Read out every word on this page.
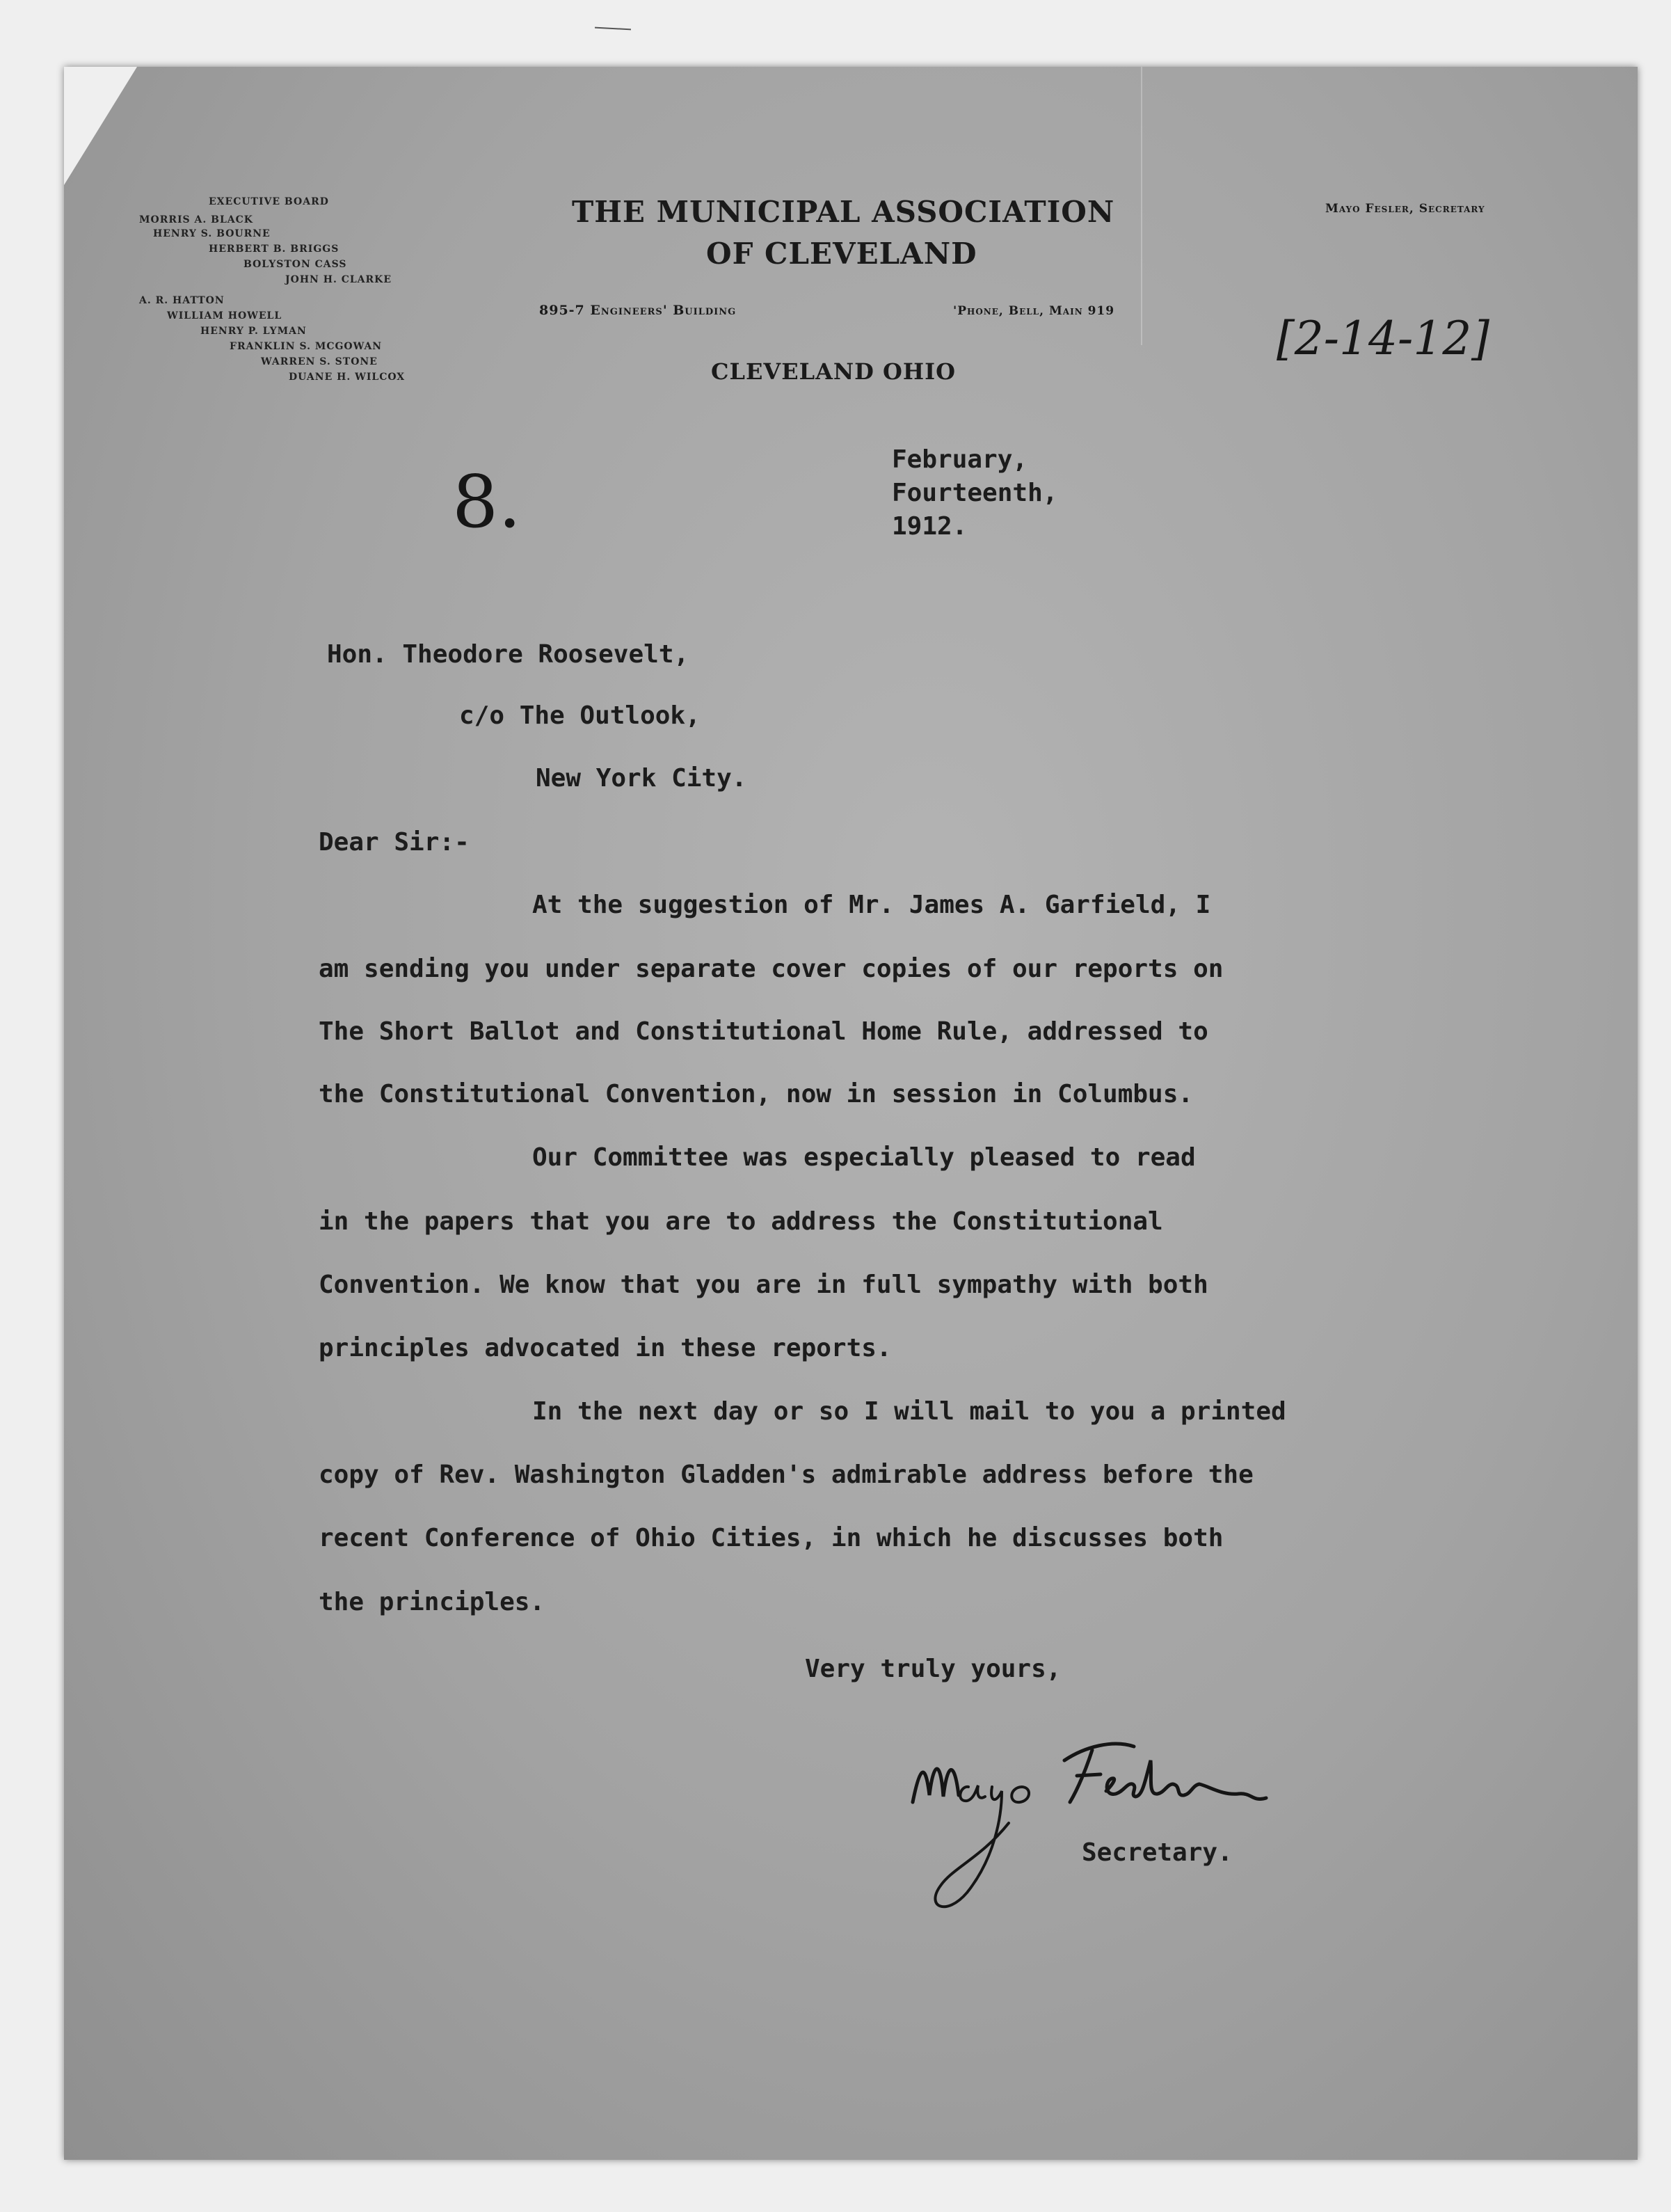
EXECUTIVE BOARD
MORRIS A. BLACK
HENRY S. BOURNE
HERBERT B. BRIGGS
BOLYSTON CASS
JOHN H. CLARKE
A. R. HATTON
WILLIAM HOWELL
HENRY P. LYMAN
FRANKLIN S. MCGOWAN
WARREN S. STONE
DUANE H. WILCOX
THE MUNICIPAL ASSOCIATION
OF CLEVELAND
895-7 Engineers' Building	'Phone, Bell, Main 919
CLEVELAND OHIO
Mayo Fesler, Secretary
[2-14-12]
8.	February,
Fourteenth,
1912.
Hon. Theodore Roosevelt,
c/o The Outlook,
New York City.
Dear Sir:-
At the suggestion of Mr. James A. Garfield, I
am sending you under separate cover copies of our reports on
The Short Ballot and Constitutional Home Rule, addressed to
the Constitutional Convention, now in session in Columbus.
Our Committee was especially pleased to read
in the papers that you are to address the Constitutional
Convention. We know that you are in full sympathy with both
principles advocated in these reports.
In the next day or so I will mail to you a printed
copy of Rev. Washington Gladden's admirable address before the
recent Conference of Ohio Cities, in which he discusses both
the principles.
Very truly yours,
Secretary.
